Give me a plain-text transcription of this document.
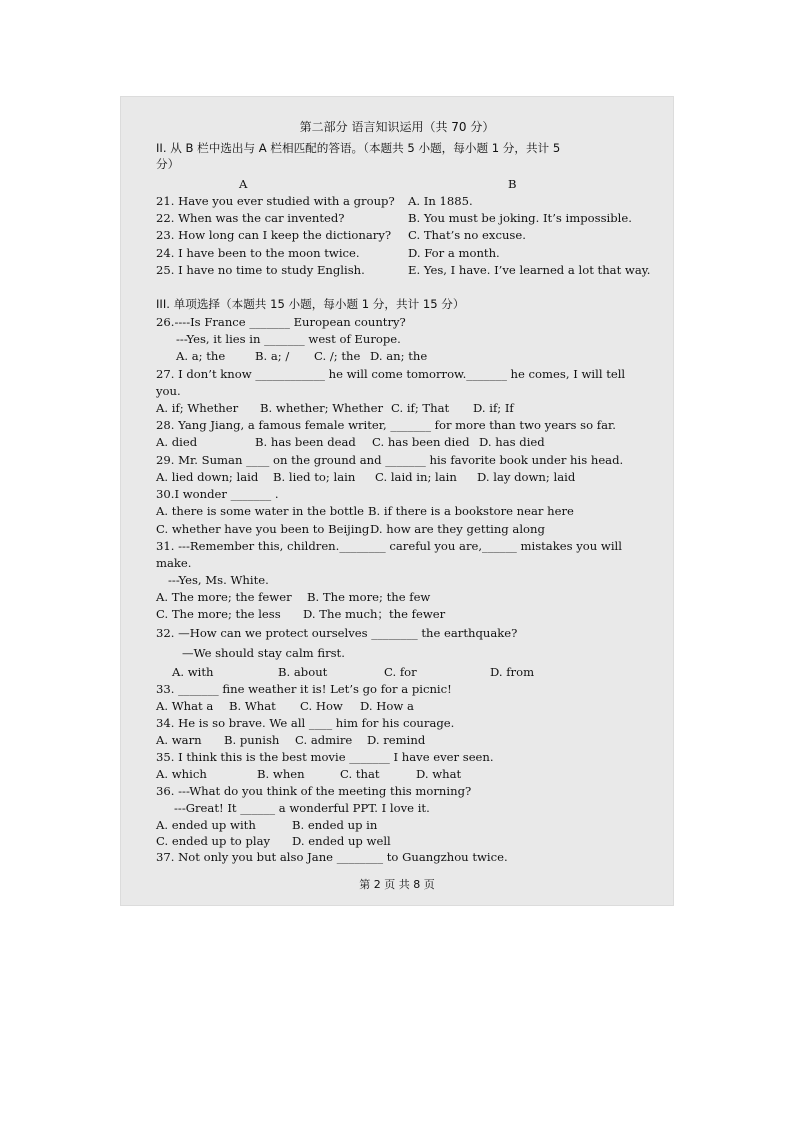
第二部分 语言知识运用（共 70 分）
II. 从 B 栏中选出与 A 栏相匹配的答语。（本题共 5 小题，每小题 1 分，共计 5
分）
A	B
21. Have you ever studied with a group? A. In 1885.
22. When was the car invented?	B. You must be joking. It’s impossible.
23. How long can I keep the dictionary? C. That’s no excuse.
24. I have been to the moon twice.	D. For a month.
25. I have no time to study English.	E. Yes, I have. I’ve learned a lot that way.
III. 单项选择（本题共 15 小题，每小题 1 分，共计 15 分）
26.----Is France _______ European country?
---Yes, it lies in _______ west of Europe.
A. a; the	B. a; / C. /; the D. an; the
27. I don’t know ____________ he will come tomorrow._______ he comes, I will tell
you.
A. if; Whether B. whether; Whether C. if; That D. if; If
28. Yang Jiang, a famous female writer, _______ for more than two years so far.
A. died	B. has been dead C. has been died D. has died
29. Mr. Suman ____ on the ground and _______ his favorite book under his head.
A. lied down; laid B. lied to; lain C. laid in; lain D. lay down; laid
30.I wonder _______ .
A. there is some water in the bottle B. if there is a bookstore near here
C. whether have you been to Beijing D. how are they getting along
31. ---Remember this, children.________ careful you are,______ mistakes you will
make.
---Yes, Ms. White.
A. The more; the fewer B. The more; the few
C. The more; the less D. The much；the fewer
32. —How can we protect ourselves ________ the earthquake?
—We should stay calm first.
A. with	B. about	C. for	D. from
33. _______ fine weather it is! Let’s go for a picnic!
A. What a B. What C. How D. How a
34. He is so brave. We all ____ him for his courage.
A. warn B. punish C. admire D. remind
35. I think this is the best movie _______ I have ever seen.
A. which	B. when	C. that	D. what
36. ---What do you think of the meeting this morning?
---Great! It ______ a wonderful PPT. I love it.
A. ended up with	B. ended up in
C. ended up to play D. ended up well
37. Not only you but also Jane ________ to Guangzhou twice.
第 2 页 共 8 页
